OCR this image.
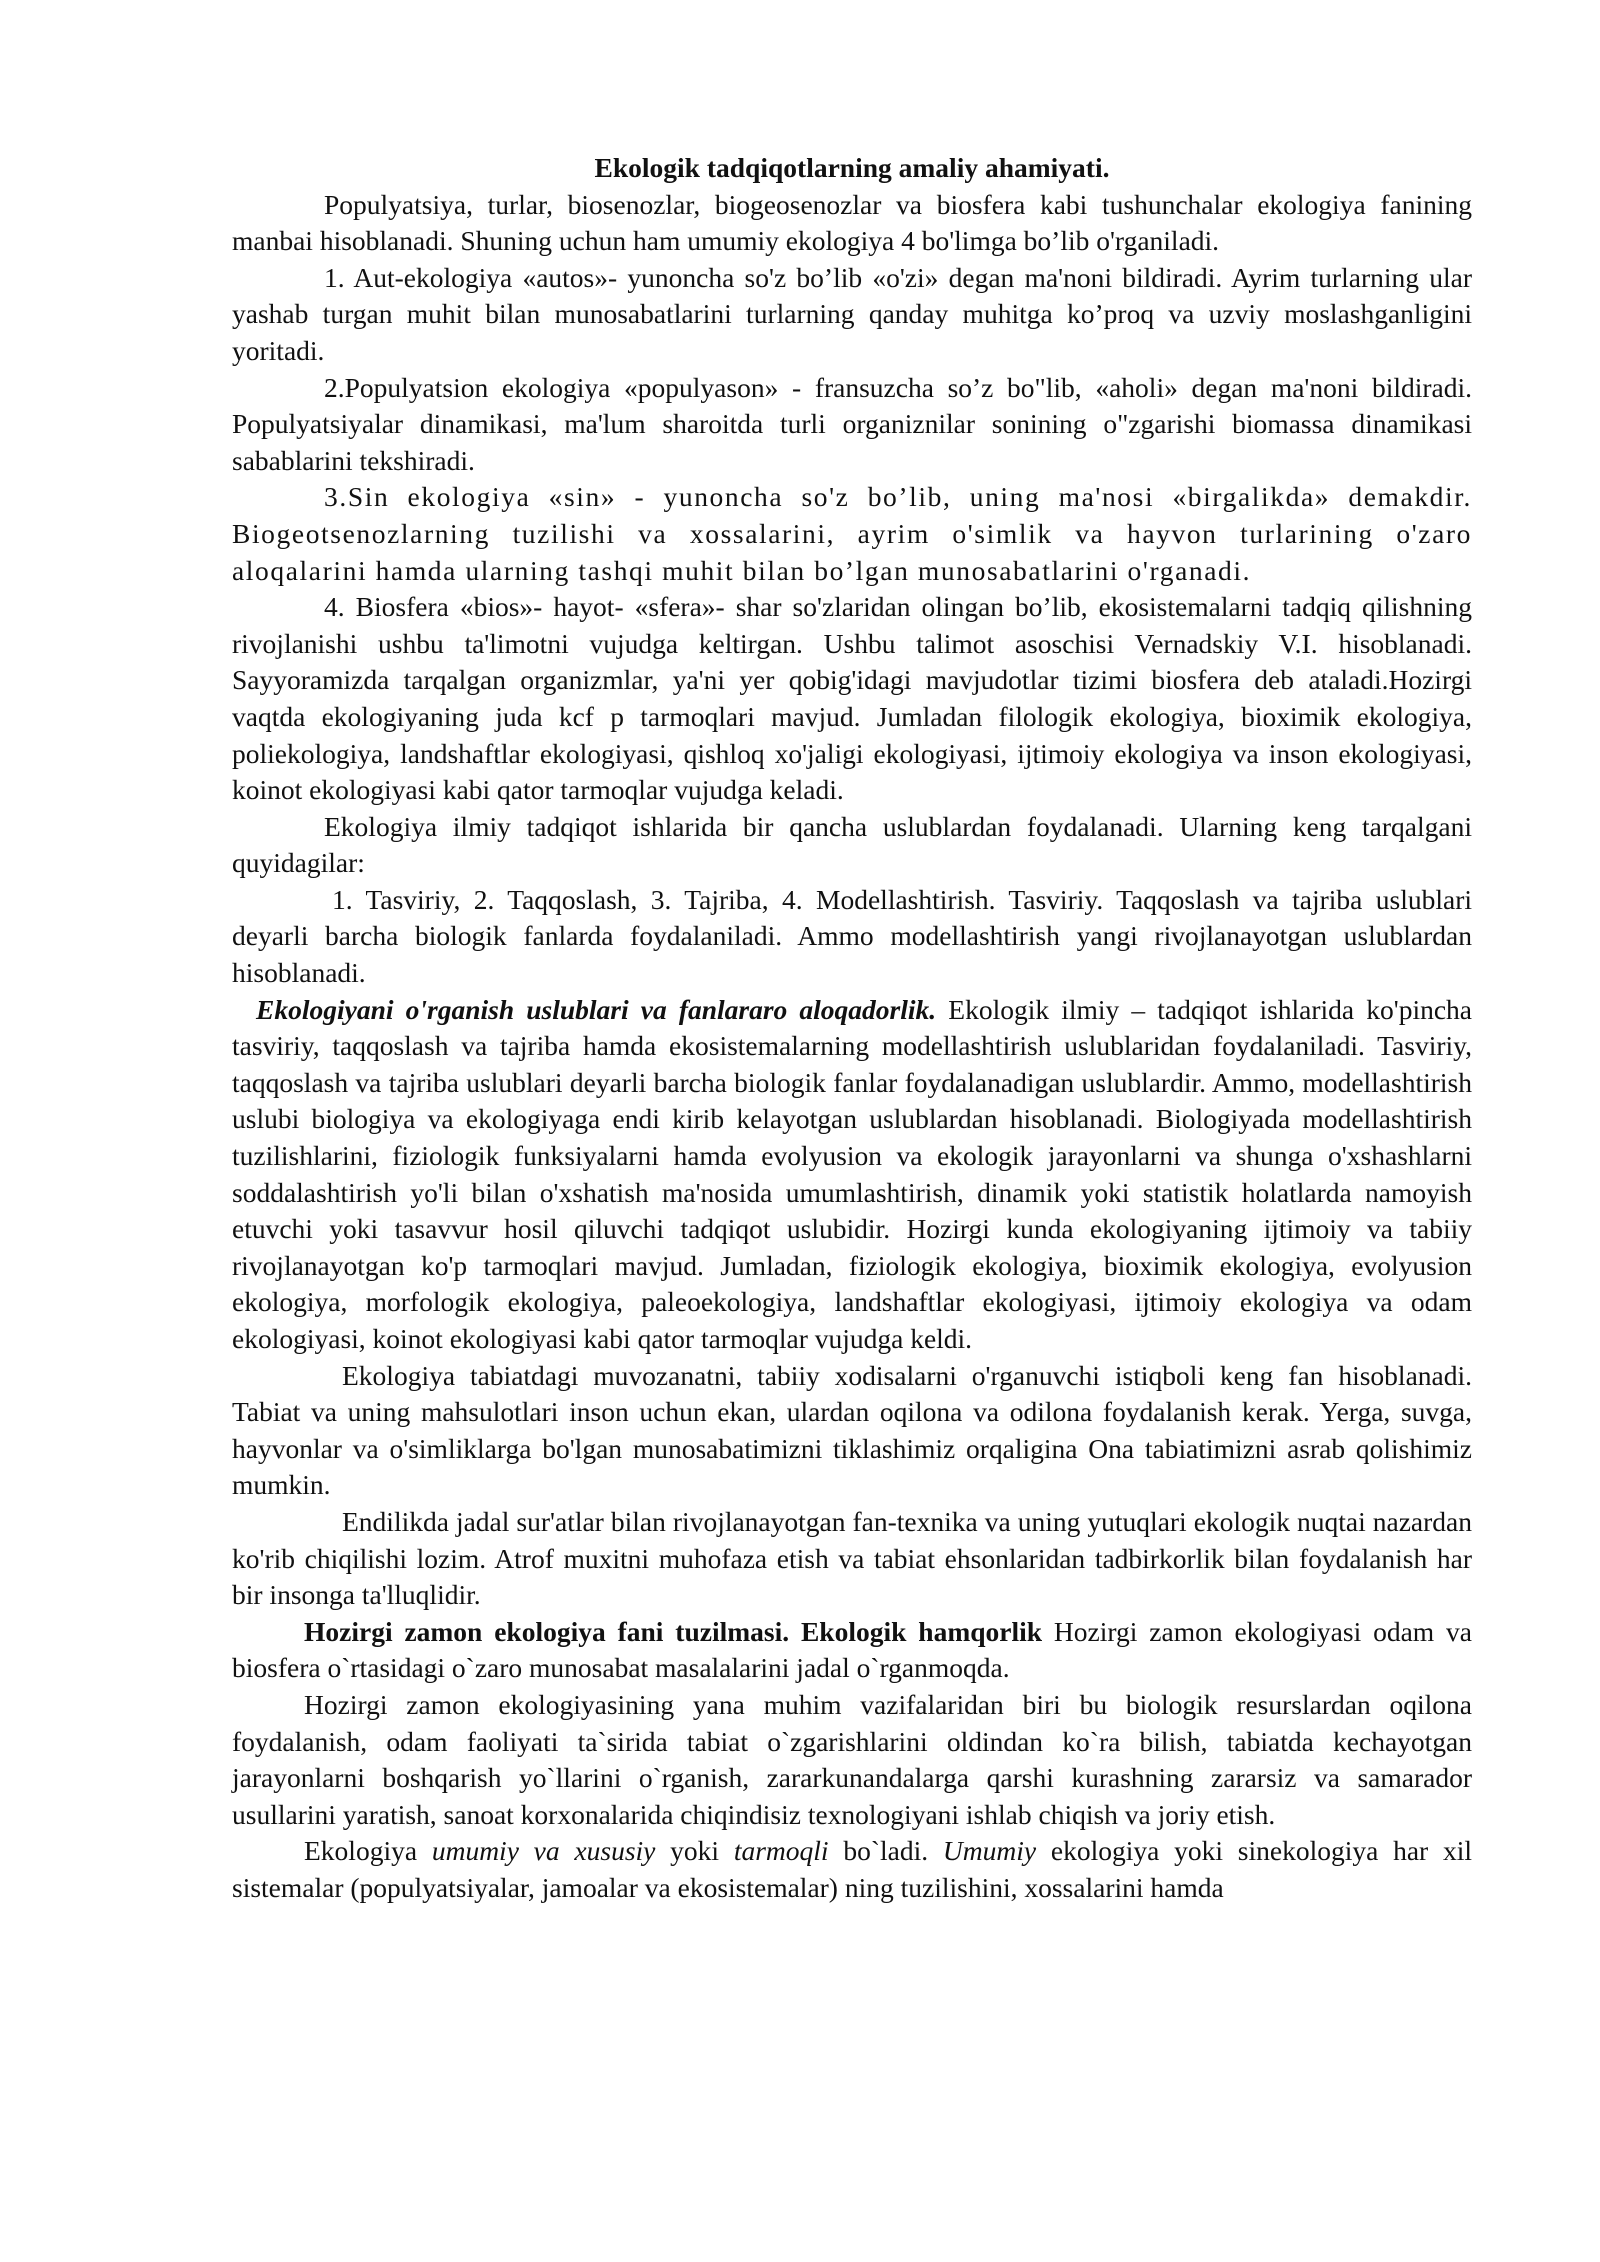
Ekologik tadqiqotlarning amaliy ahamiyati.

Populyatsiya, turlar, biosenozlar, biogeosenozlar va biosfera kabi tushunchalar ekologiya fanining manbai hisoblanadi. Shuning uchun ham umumiy ekologiya 4 bo'limga bo’lib o'rganiladi.

1. Aut-ekologiya «autos»- yunoncha so'z bo’lib «o'zi» degan ma'noni bildiradi. Ayrim turlarning ular yashab turgan muhit bilan munosabatlarini turlarning qanday muhitga ko’proq va uzviy moslashganligini yoritadi.

2.Populyatsion ekologiya «populyason» - fransuzcha so’z bo"lib, «aholi» degan ma'noni bildiradi. Populyatsiyalar dinamikasi, ma'lum sharoitda turli organiznilar sonining o"zgarishi biomassa dinamikasi sabablarini tekshiradi.

3.Sin ekologiya «sin» - yunoncha so'z bo’lib, uning ma'nosi «birgalikda» demakdir. Biogeotsenozlarning tuzilishi va xossalarini, ayrim o'simlik va hayvon turlarining o'zaro aloqalarini hamda ularning tashqi muhit bilan bo’lgan munosabatlarini o'rganadi.

4. Biosfera «bios»- hayot- «sfera»- shar so'zlaridan olingan bo’lib, ekosistemalarni tadqiq qilishning rivojlanishi ushbu ta'limotni vujudga keltirgan. Ushbu talimot asoschisi Vernadskiy V.I. hisoblanadi. Sayyoramizda tarqalgan organizmlar, ya'ni yer qobig'idagi mavjudotlar tizimi biosfera deb ataladi.Hozirgi vaqtda ekologiyaning juda kcf p tarmoqlari mavjud. Jumladan filologik ekologiya, bioximik ekologiya, poliekologiya, landshaftlar ekologiyasi, qishloq xo'jaligi ekologiyasi, ijtimoiy ekologiya va inson ekologiyasi, koinot ekologiyasi kabi qator tarmoqlar vujudga keladi.

Ekologiya ilmiy tadqiqot ishlarida bir qancha uslublardan foydalanadi. Ularning keng tarqalgani quyidagilar:

1. Tasviriy, 2. Taqqoslash, 3. Tajriba, 4. Modellashtirish. Tasviriy. Taqqoslash va tajriba uslublari deyarli barcha biologik fanlarda foydalaniladi. Ammo modellashtirish yangi rivojlanayotgan uslublardan hisoblanadi.

Ekologiyani o'rganish uslublari va fanlararo aloqadorlik. Ekologik ilmiy – tadqiqot ishlarida ko'pincha tasviriy, taqqoslash va tajriba hamda ekosistemalarning modellashtirish uslublaridan foydalaniladi. Tasviriy, taqqoslash va tajriba uslublari deyarli barcha biologik fanlar foydalanadigan uslublardir. Ammo, modellashtirish uslubi biologiya va ekologiyaga endi kirib kelayotgan uslublardan hisoblanadi. Biologiyada modellashtirish tuzilishlarini, fiziologik funksiyalarni hamda evolyusion va ekologik jarayonlarni va shunga o'xshashlarni soddalashtirish yo'li bilan o'xshatish ma'nosida umumlashtirish, dinamik yoki statistik holatlarda namoyish etuvchi yoki tasavvur hosil qiluvchi tadqiqot uslubidir. Hozirgi kunda ekologiyaning ijtimoiy va tabiiy rivojlanayotgan ko'p tarmoqlari mavjud. Jumladan, fiziologik ekologiya, bioximik ekologiya, evolyusion ekologiya, morfologik ekologiya, paleoekologiya, landshaftlar ekologiyasi, ijtimoiy ekologiya va odam ekologiyasi, koinot ekologiyasi kabi qator tarmoqlar vujudga keldi.

Ekologiya tabiatdagi muvozanatni, tabiiy xodisalarni o'rganuvchi istiqboli keng fan hisoblanadi. Tabiat va uning mahsulotlari inson uchun ekan, ulardan oqilona va odilona foydalanish kerak. Yerga, suvga, hayvonlar va o'simliklarga bo'lgan munosabatimizni tiklashimiz orqaligina Ona tabiatimizni asrab qolishimiz mumkin.

Endilikda jadal sur'atlar bilan rivojlanayotgan fan-texnika va uning yutuqlari ekologik nuqtai nazardan ko'rib chiqilishi lozim. Atrof muxitni muhofaza etish va tabiat ehsonlaridan tadbirkorlik bilan foydalanish har bir insonga ta'lluqlidir.

Hozirgi zamon ekologiya fani tuzilmasi. Ekologik hamqorlik Hozirgi zamon ekologiyasi odam va biosfera o`rtasidagi o`zaro munosabat masalalarini jadal o`rganmoqda.

Hozirgi zamon ekologiyasining yana muhim vazifalaridan biri bu biologik resurslardan oqilona foydalanish, odam faoliyati ta`sirida tabiat o`zgarishlarini oldindan ko`ra bilish, tabiatda kechayotgan jarayonlarni boshqarish yo`llarini o`rganish, zararkunandalarga qarshi kurashning zararsiz va samarador usullarini yaratish, sanoat korxonalarida chiqindisiz texnologiyani ishlab chiqish va joriy etish.

Ekologiya umumiy va xususiy yoki tarmoqli bo`ladi. Umumiy ekologiya yoki sinekologiya har xil sistemalar (populyatsiyalar, jamoalar va ekosistemalar) ning tuzilishini, xossalarini hamda
